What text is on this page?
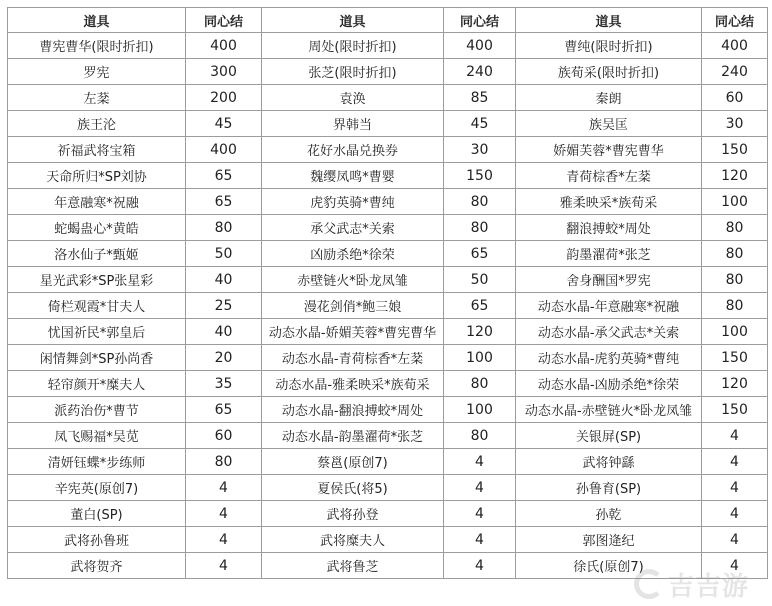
道具	同心结	道具	同心结	道具	同心结
曹宪曹华(限时折扣)	400	周处(限时折扣)	400	曹纯(限时折扣)	400
罗宪	300	张芝(限时折扣)	240	族荀采(限时折扣)	240
左棻	200	袁涣	85	秦朗	60
族王沦	45	界韩当	45	族吴匡	30
祈福武将宝箱	400	花好水晶兑换券	30	娇媚芙蓉*曹宪曹华	150
天命所归*SP刘协	65	魏缨凤鸣*曹婴	150	青荷棕香*左棻	120
年意融寒*祝融	65	虎豹英骑*曹纯	80	雅柔映采*族荀采	100
蛇蝎蛊心*黄皓	80	承父武志*关索	80	翻浪搏蛟*周处	80
洛水仙子*甄姬	50	凶励杀绝*徐荣	65	韵墨濯荷*张芝	80
星光武彩*SP张星彩	40	赤壁链火*卧龙凤雏	50	舍身酬国*罗宪	80
倚栏观霞*甘夫人	25	漫花剑俏*鲍三娘	65	动态水晶-年意融寒*祝融	80
忧国祈民*郭皇后	40	动态水晶-娇媚芙蓉*曹宪曹华	120	动态水晶-承父武志*关索	100
闲情舞剑*SP孙尚香	20	动态水晶-青荷棕香*左棻	100	动态水晶-虎豹英骑*曹纯	150
轻帘颜开*糜夫人	35	动态水晶-雅柔映采*族荀采	80	动态水晶-凶励杀绝*徐荣	120
派药治伤*曹节	65	动态水晶-翻浪搏蛟*周处	100	动态水晶-赤壁链火*卧龙凤雏	150
凤飞赐福*吴苋	60	动态水晶-韵墨濯荷*张芝	80	关银屏(SP)	4
清妍钰蝶*步练师	80	蔡邕(原创7)	4	武将钟繇	4
辛宪英(原创7)	4	夏侯氏(将5)	4	孙鲁育(SP)	4
董白(SP)	4	武将孙登	4	孙乾	4
武将孙鲁班	4	武将糜夫人	4	郭图逄纪	4
武将贺齐	4	武将鲁芝	4	徐氏(原创7)	4
吉吉游
